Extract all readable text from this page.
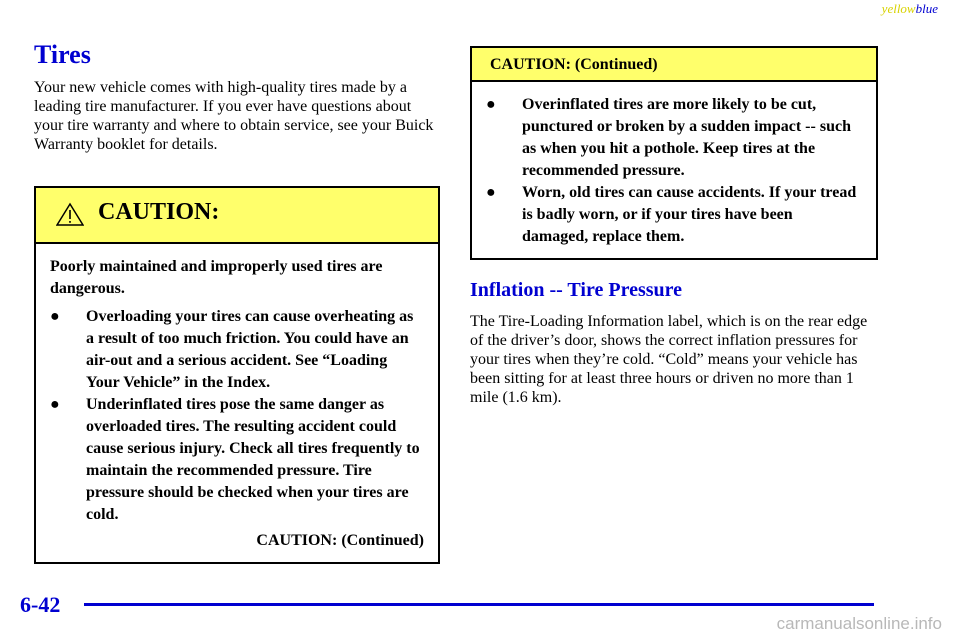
yellowblue
Tires

Your new vehicle comes with high-quality tires made by a leading tire manufacturer. If you ever have questions about your tire warranty and where to obtain service, see your Buick Warranty booklet for details.

CAUTION:

Poorly maintained and improperly used tires are dangerous.

● Overloading your tires can cause overheating as a result of too much friction. You could have an air-out and a serious accident. See “Loading Your Vehicle” in the Index.
● Underinflated tires pose the same danger as overloaded tires. The resulting accident could cause serious injury. Check all tires frequently to maintain the recommended pressure. Tire pressure should be checked when your tires are cold.
CAUTION: (Continued)
CAUTION: (Continued)
● Overinflated tires are more likely to be cut, punctured or broken by a sudden impact -- such as when you hit a pothole. Keep tires at the recommended pressure.
● Worn, old tires can cause accidents. If your tread is badly worn, or if your tires have been damaged, replace them.
Inflation -- Tire Pressure

The Tire-Loading Information label, which is on the rear edge of the driver’s door, shows the correct inflation pressures for your tires when they’re cold. “Cold” means your vehicle has been sitting for at least three hours or driven no more than 1 mile (1.6 km).

6-42
carmanualsonline.info
